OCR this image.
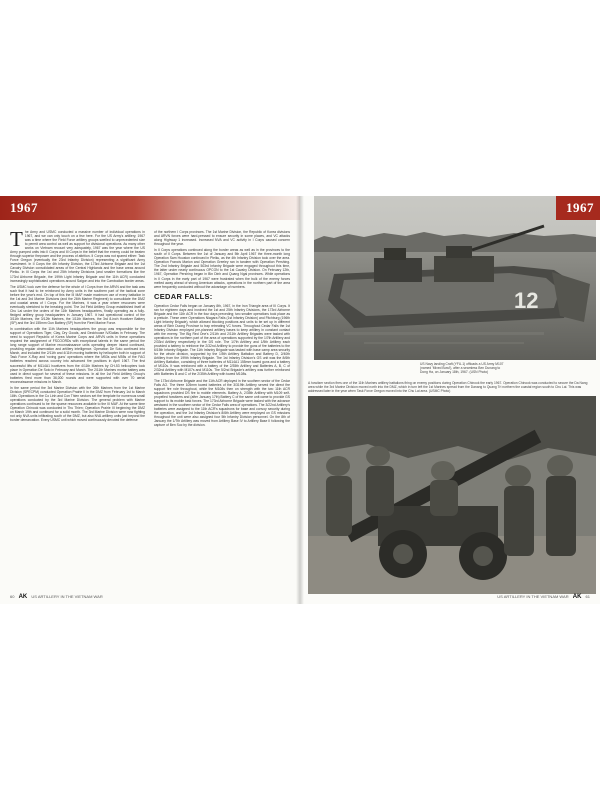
1967

The Army and USMC conducted a massive number of individual operations in 1967, and we can only touch on a few here. For the US Army's artillery, 1967 was a time where the Field Force artillery groups swelled to unprecedented size to permit area control as well as support for divisional operations. As many other works on Vietnam recount very adequately, 1967 was the year where the US Army pumped units into II Corps and III Corps in the belief that the enemy could be beaten through superior firepower and the process of attrition. II Corps was not spared either: Task Force Oregon (eventually the 23rd Infantry Division) representing a significant Army investment. In II Corps the 4th Infantry Division, the 173rd Airborne Brigade and the 1st Cavalry Division consolidated areas of the Central Highlands and the base areas around Pleiku. In III Corps the 1st and 25th Infantry Divisions (and smaller formations like the 173rd Airborne Brigade, the 199th Light Infantry Brigade and the 11th ACR) conducted increasingly sophisticated operations around Saigon and into the Cambodian border areas.

The USMC took over the defense for the whole of I Corps from the ARVN and the task was such that it had to be reinforced by Army units in the southern part of the tactical zone before the year's end. On top of this the III MAF made maximum use of every battalion in the 1st and 3rd Marine Divisions (and the 26th Marine Regiment) to consolidate the DMZ and coastal areas of I Corps. For the Marines, it was a year where resources were eventually stretched to the breaking point. The 1st Field Artillery Group established itself at Chu Lai under the orders of the 11th Marines headquarters, finally operating as a fully-fledged artillery group headquarters in January 1967. It had operational control of the 3/11th Marines, the 3/12th Marines, the 1/11th Marines, the 3rd 8-inch Howitzer Battery (SP) and the 3rd 155mm Gun Battery (SP) from the Fleet Marine Force.

In combination with the 11th Marines headquarters the group was responsible for the support of Operations Tiger, Clay, Dry Goods, and Deckhouse IV/Dallas in February. The need to support Republic of Korea Marine Corps and ARVN units in these operations required the assignment of FSCOORDs with exceptional talents in the same period the long range support of Marine reconnaissance units operating deeper inland continued, providing regular observation and artillery intelligence. Operation De Soto continued into March, and included the 2/11th and 4/11th moving batteries by helicopter both in support of Task Force X-Ray and 'roving guns' operations where the M53s and M55s of the FAG batteries reached across country into advanced fire positions in April 1967. The first successful lifts of M114A1 howitzers from the 4/11th Marines by CH-53 helicopters took place in Operation De Soto in February and March. The 2/11th Marines mortar battery was used in direct support for several of these missions. In all the 1st Field Artillery Group's batteries fired more than 36,000 rounds and were supported with over 70 aerial reconnaissance missions in March.

In the same period the 3rd Marine Division with the 26th Marines from the 1st Marine Division (SPECPM) conducted Operation Prairie II in the DMZ from February 1st to March 18th. Operations in the Co Linh and Con Thien sectors set the template for numerous small operations conducted by the 3rd Marine Division. The general problem with Marine operations continued to be the sparse resources available to the III MAF. At the same time Operation Chinook was conducted in Thu Thien; Operation Prairie III beginning the DMZ on March 19th and continued for a solid month. The 3rd Marine Division were now fighting not only NVA units infiltrating south of the DMZ, but also NVA artillery units just beyond the border demarcation. Every USMC unit which moved continuously devoted the defense

of the northern I Corps provinces. The 1st Marine Division, the Republic of Korea divisions and ARVN forces were hard-pressed to ensure security in some places, and VC attacks along Highway 1 increased. Increased NVA and VC activity in I Corps caused concern throughout the year.

In II Corps operations continued along the border areas as well as in the provinces to the south of II Corps. Between the 1st of January and 5th April 1967 the three-month long Operation Sam Houston continued in Pleiku, as the 4th Infantry Division took over the area. Operation Francis Marion and Operation Greeley ran in tandem with Operation Pershing. The 2nd Infantry Brigade and 503rd Infantry Brigade were engaged throughout this time, the latter under nearly continuous OPCON to the 1st Cavalry Division. On February 12th, 1967, Operation Pershing began in Bin Dinh and Quang Ngai provinces. While operations in II Corps in the early part of 1967 were frustrated when the bulk of the enemy forces melted away ahead of strong American attacks, operations in the northern part of the area were frequently conducted without the advantage of numbers.

CEDAR FALLS:

Operation Cedar Falls began on January 8th, 1967, in the Iron Triangle area of III Corps. It ran for eighteen days and involved the 1st and 25th Infantry Divisions, the 173rd Airborne Brigade and the 11th ACR in the four days preceding; two smaller operations took place as a prelude. These were Operations Niagara Falls (1st Infantry Division) and Fitchburg (196th Light Infantry Brigade), which allowed blocking positions and units to be set up in different areas of Binh Duong Province to trap retreating VC forces. Throughout Cedar Falls the 1st Infantry Division employed pre-planned artillery bases to keep artillery in constant contact with the enemy. The Big Red One's 2/11th and 2/11th Artillery Brigades were tasked with operations in the northern part of the area of operations supported by the 1/7th Artillery and 2/33rd Artillery respectively in the DS role. The 1/7th Artillery and 1/5th Artillery each provided a battery to reinforce the 2/32nd Artillery to provide the guns of fire batteries to the 6/15th Infantry Brigade. The 11th Infantry Brigade was tasked with base camp area security for the whole division, supported by the 1/5th Artillery Battalion and Battery D, 2/40th Artillery from the 199th Infantry Brigade. The 1st Infantry Division's GS unit was the 8/6th Artillery Battalion, consisting of three batteries of M114A1 155mm towed guns and a battery of M110s. It was reinforced with a battery of the 2/35th Artillery and Batteries A, B, C of 2/32nd Artillery with M107s and M110s. The 5/2nd Brigade's artillery was further reinforced with Batteries B and C of the 2/35th Artillery with towed M108s.

The 173rd Airborne Brigade and the 11th ACR deployed in the southern sector of the Cedar Falls AO. The three 105mm towed batteries of the 3/319th Artillery served the direct fire support fire role throughout, while the M108s then on strength with the two 11th ACR squadrons provided DS fire to mobile elements. Battery A, 2/35th Artillery with M109 self-propelled howitzers and (after January 17th) Battery C of the same unit came to provide GS support to its mobile task forces. The 173rd Airborne Brigade were tasked with the advance westward in the southern sector of the Cedar Falls area of operations. The 3/22nd Artillery's batteries were assigned to the 11th ACR's squadrons for base and convoy security during the operation, and the 1st Infantry Division's 8/6th Artillery were employed on GS missions throughout the unit were also assigned four 5th Infantry Division personnel. On the 8th of January the 1/7th Artillery was moved from Artillery Base IV to Artillery Base II following the capture of Ben Suc by the division.

60 AK US ARTILLERY IN THE VIETNAM WAR
12
1967
US Navy landing Craft (YFU-1) offloads a US Army M107 (named 'Mixed Bowl'), after a seamless Ben Dunang to Dong Ha, on January 18th, 1967. (USN Photo)
A howitzer section fires one of the 11th Marines artillery battalions firing on enemy positions during Operation Chinook the early 1967. Operation Chinook was conducted to secure the Da Nang area while the 3rd Marine Division moved north into the DMZ, which in turn left the 1st Marines spread from the Danang to Quang Tri northern the coastal region south to Chu Lai. This was addressed later in the year when Task Force Oregon moved into the Chu Lai area. (USMC Photo)
US ARTILLERY IN THE VIETNAM WAR AK 61
